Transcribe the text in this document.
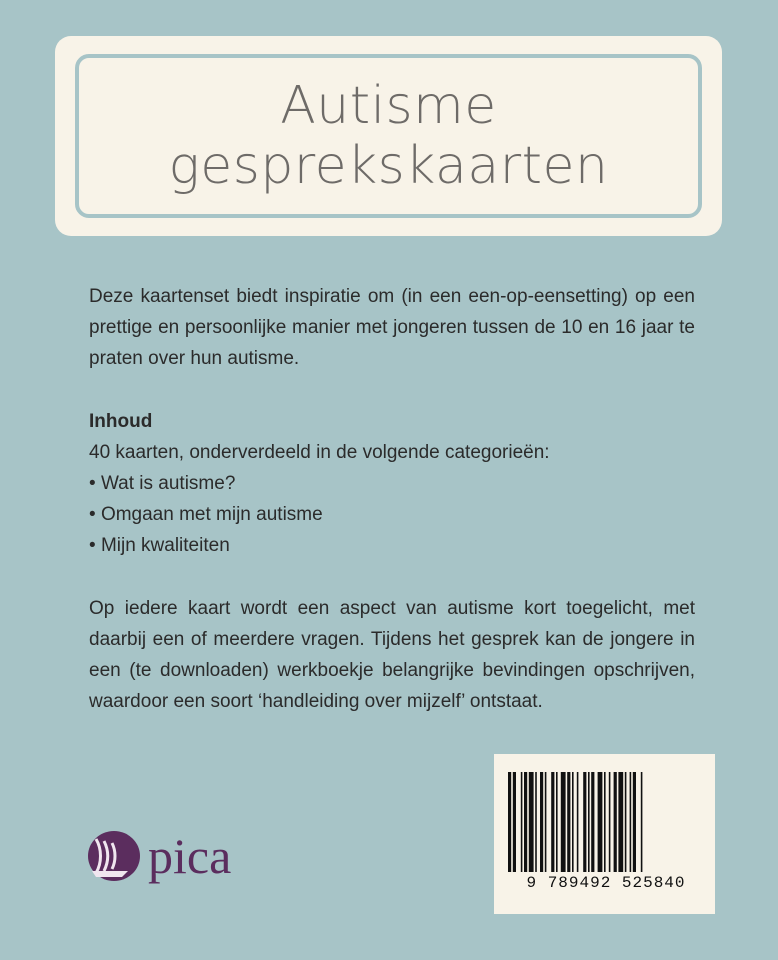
Autisme
gesprekskaarten
Deze kaartenset biedt inspiratie om (in een een-op-eensetting) op een prettige en persoonlijke manier met jongeren tussen de 10 en 16 jaar te praten over hun autisme.
Inhoud
40 kaarten, onderverdeeld in de volgende categorieën:
• Wat is autisme?
• Omgaan met mijn autisme
• Mijn kwaliteiten
Op iedere kaart wordt een aspect van autisme kort toegelicht, met daarbij een of meerdere vragen. Tijdens het gesprek kan de jongere in een (te downloaden) werkboekje belangrijke bevindingen opschrijven, waardoor een soort ‘handleiding over mijzelf’ ontstaat.
pica	9 789492 525840
